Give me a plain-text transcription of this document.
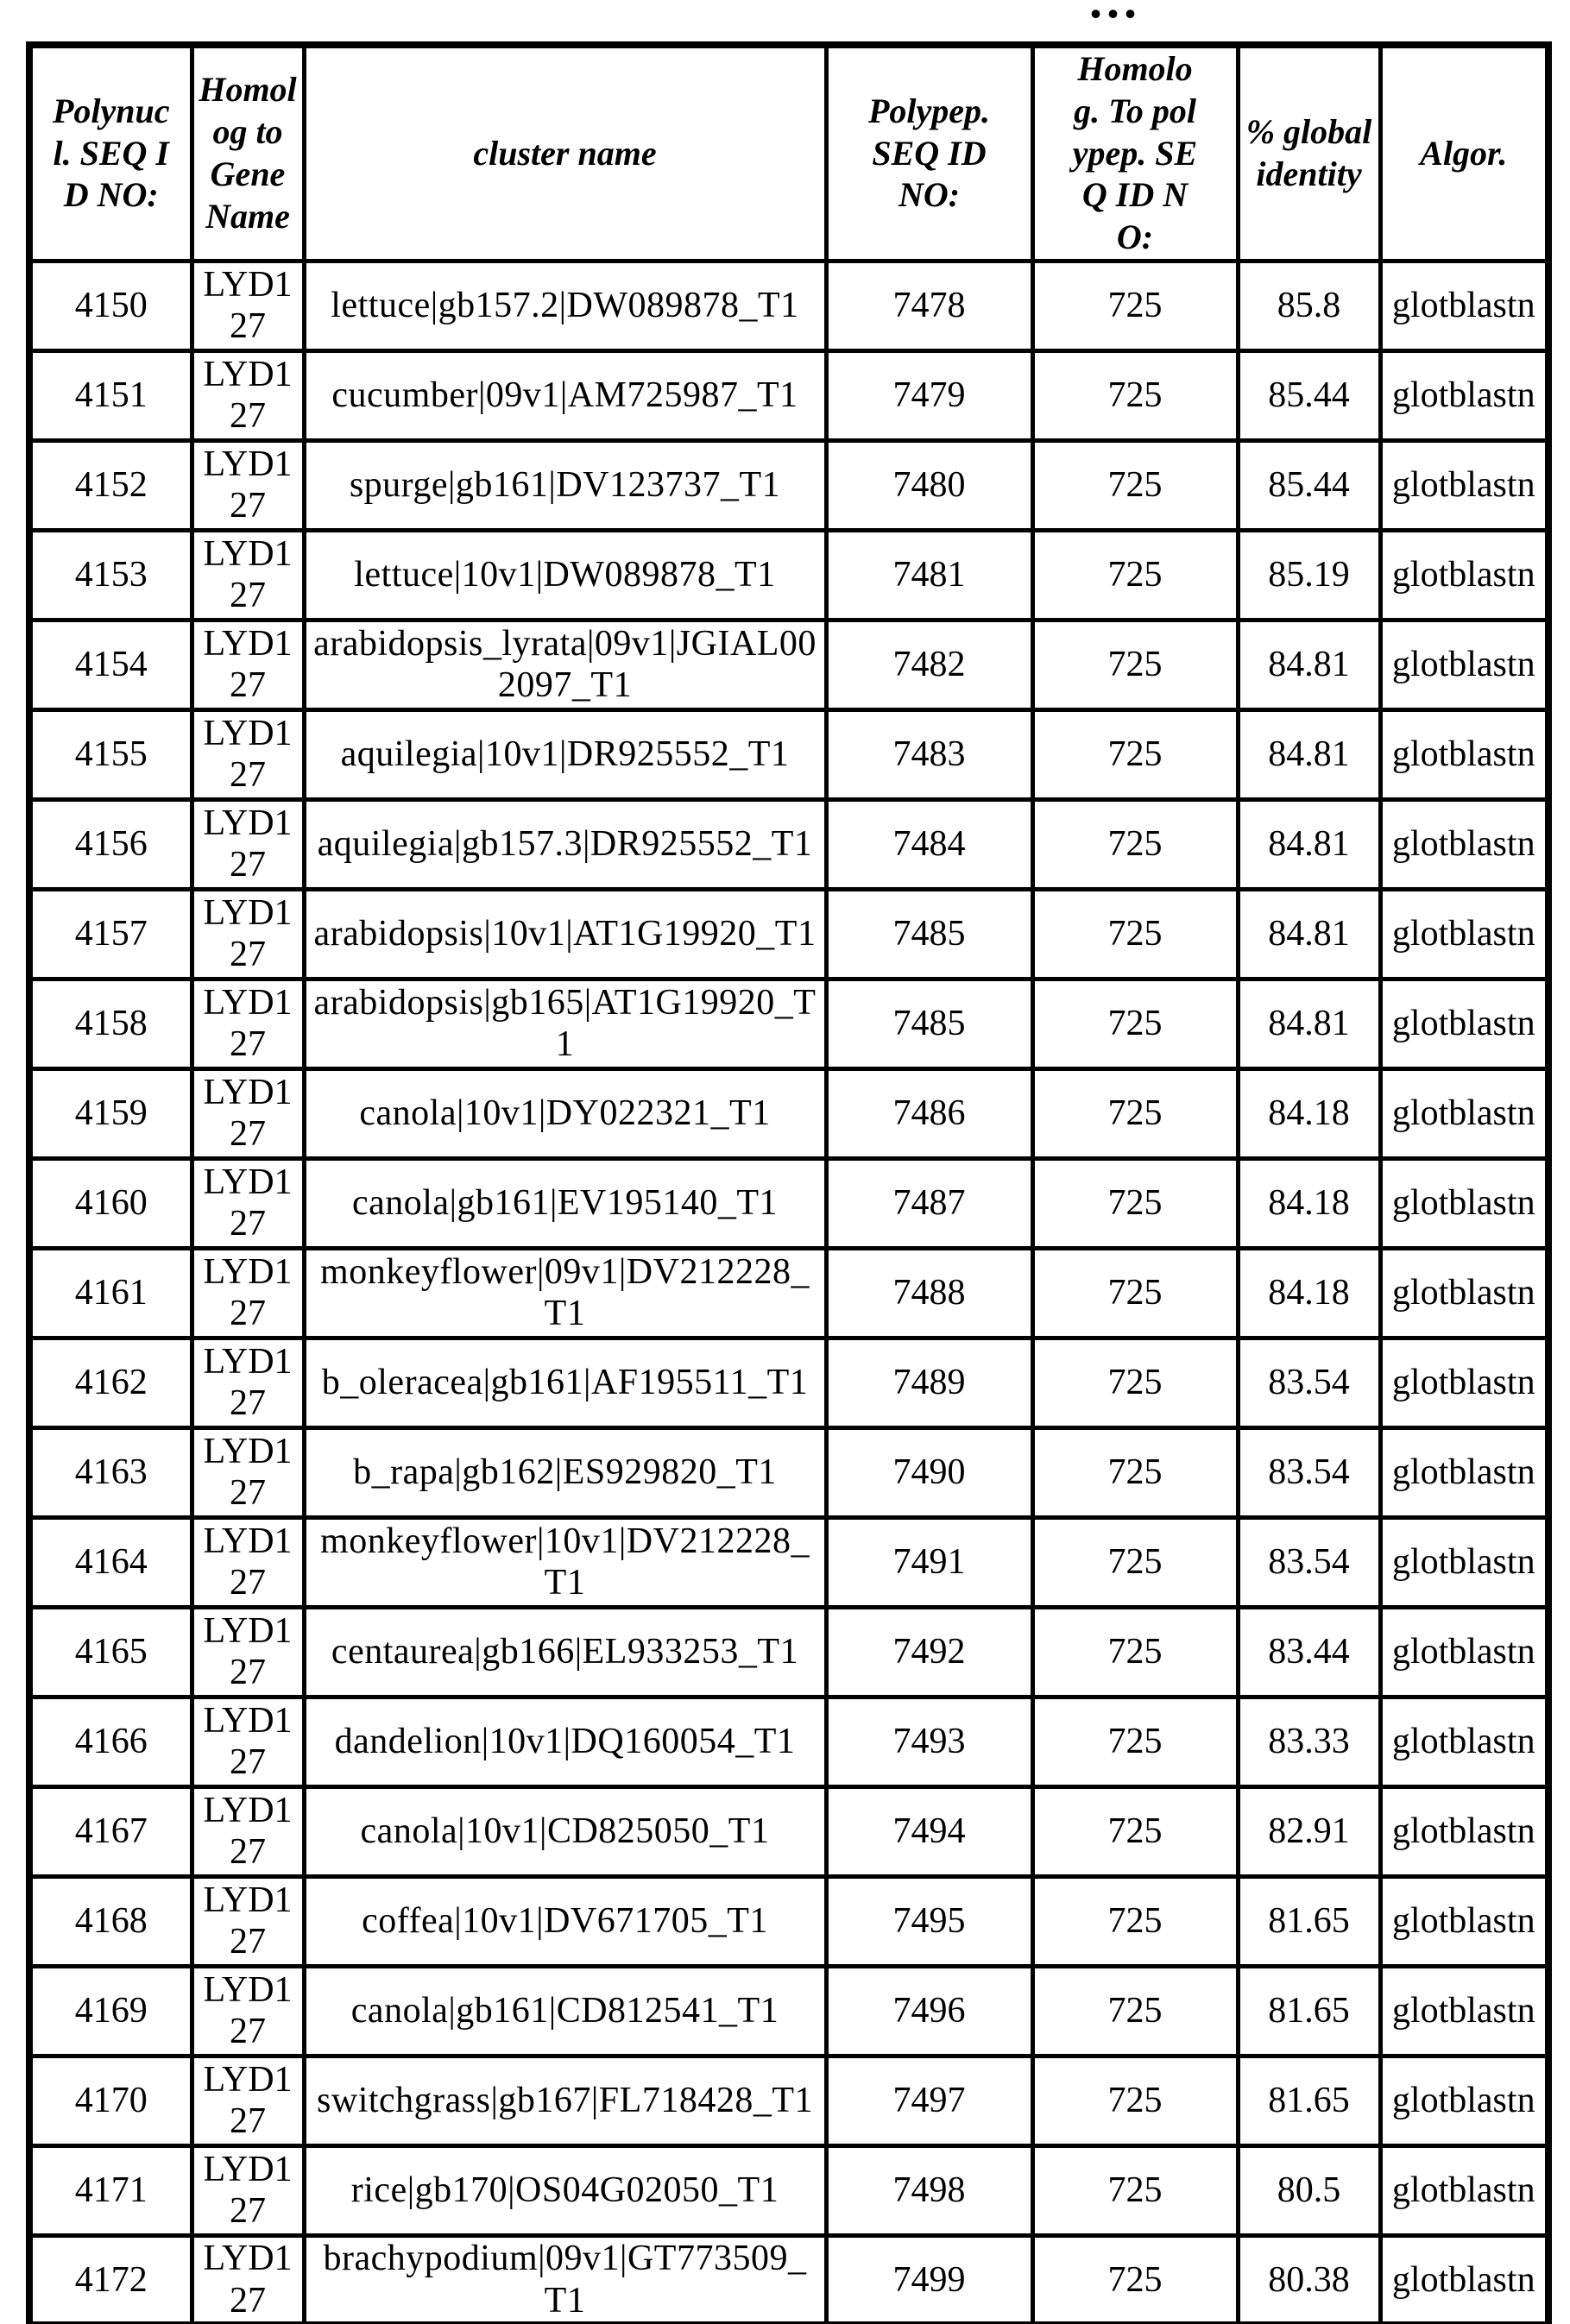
...
Polynucl. SEQ ID NO:	Homolog to Gene Name	cluster name	Polypep. SEQ ID NO:	Homolog. To polypep. SEQ ID NO:	% global identity	Algor.
4150	LYD127	lettuce|gb157.2|DW089878_T1	7478	725	85.8	glotblastn
4151	LYD127	cucumber|09v1|AM725987_T1	7479	725	85.44	glotblastn
4152	LYD127	spurge|gb161|DV123737_T1	7480	725	85.44	glotblastn
4153	LYD127	lettuce|10v1|DW089878_T1	7481	725	85.19	glotblastn
4154	LYD127	arabidopsis_lyrata|09v1|JGIAL002097_T1	7482	725	84.81	glotblastn
4155	LYD127	aquilegia|10v1|DR925552_T1	7483	725	84.81	glotblastn
4156	LYD127	aquilegia|gb157.3|DR925552_T1	7484	725	84.81	glotblastn
4157	LYD127	arabidopsis|10v1|AT1G19920_T1	7485	725	84.81	glotblastn
4158	LYD127	arabidopsis|gb165|AT1G19920_T1	7485	725	84.81	glotblastn
4159	LYD127	canola|10v1|DY022321_T1	7486	725	84.18	glotblastn
4160	LYD127	canola|gb161|EV195140_T1	7487	725	84.18	glotblastn
4161	LYD127	monkeyflower|09v1|DV212228_T1	7488	725	84.18	glotblastn
4162	LYD127	b_oleracea|gb161|AF195511_T1	7489	725	83.54	glotblastn
4163	LYD127	b_rapa|gb162|ES929820_T1	7490	725	83.54	glotblastn
4164	LYD127	monkeyflower|10v1|DV212228_T1	7491	725	83.54	glotblastn
4165	LYD127	centaurea|gb166|EL933253_T1	7492	725	83.44	glotblastn
4166	LYD127	dandelion|10v1|DQ160054_T1	7493	725	83.33	glotblastn
4167	LYD127	canola|10v1|CD825050_T1	7494	725	82.91	glotblastn
4168	LYD127	coffea|10v1|DV671705_T1	7495	725	81.65	glotblastn
4169	LYD127	canola|gb161|CD812541_T1	7496	725	81.65	glotblastn
4170	LYD127	switchgrass|gb167|FL718428_T1	7497	725	81.65	glotblastn
4171	LYD127	rice|gb170|OS04G02050_T1	7498	725	80.5	glotblastn
4172	LYD127	brachypodium|09v1|GT773509_T1	7499	725	80.38	glotblastn
